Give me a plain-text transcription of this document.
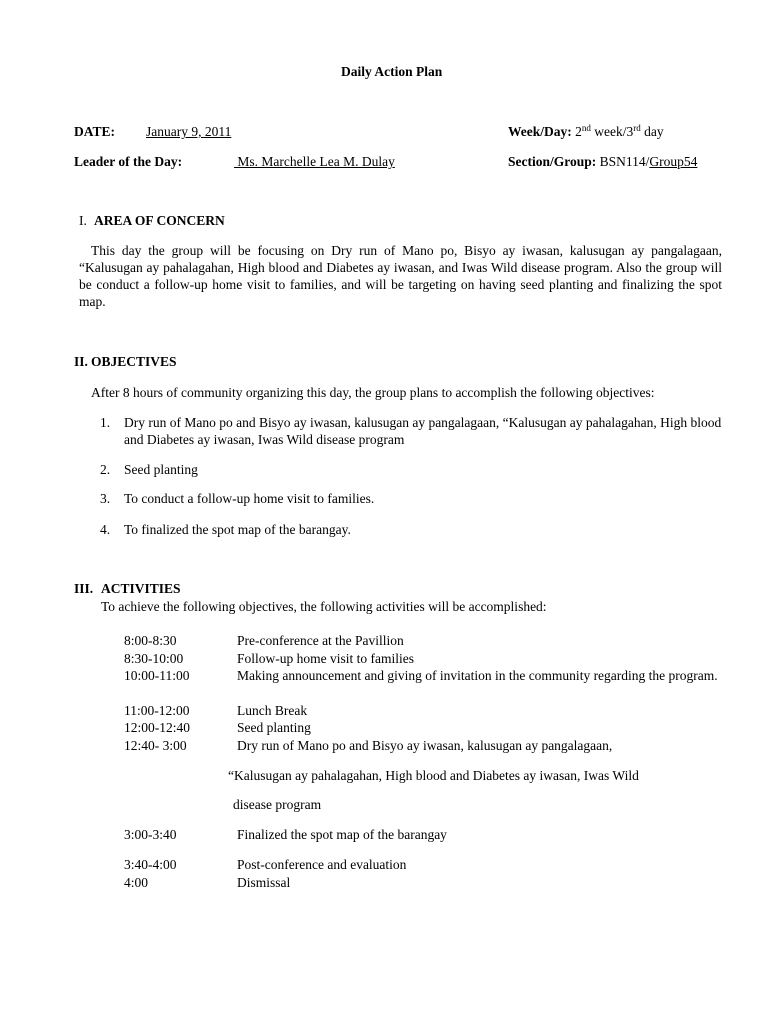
Daily Action Plan
DATE: January 9, 2011	Week/Day: 2nd week/3rd day
Leader of the Day:	Ms. Marchelle Lea M. Dulay	Section/Group: BSN114/Group54
I. AREA OF CONCERN
This day the group will be focusing on Dry run of Mano po, Bisyo ay iwasan, kalusugan ay pangalagaan, “Kalusugan ay pahalagahan, High blood and Diabetes ay iwasan, and Iwas Wild disease program. Also the group will be conduct a follow-up home visit to families, and will be targeting on having seed planting and finalizing the spot map.
II. OBJECTIVES
After 8 hours of community organizing this day, the group plans to accomplish the following objectives:
1. Dry run of Mano po and Bisyo ay iwasan, kalusugan ay pangalagaan, “Kalusugan ay pahalagahan, High blood and Diabetes ay iwasan, Iwas Wild disease program
2. Seed planting
3. To conduct a follow-up home visit to families.
4. To finalized the spot map of the barangay.
III. ACTIVITIES
To achieve the following objectives, the following activities will be accomplished:
8:00-8:30	Pre-conference at the Pavillion
8:30-10:00	Follow-up home visit to families
10:00-11:00	Making announcement and giving of invitation in the community regarding the program.
11:00-12:00	Lunch Break
12:00-12:40	Seed planting
12:40- 3:00	Dry run of Mano po and Bisyo ay iwasan, kalusugan ay pangalagaan,
“Kalusugan ay pahalagahan, High blood and Diabetes ay iwasan, Iwas Wild
disease program
3:00-3:40	Finalized the spot map of the barangay
3:40-4:00	Post-conference and evaluation
4:00	Dismissal
